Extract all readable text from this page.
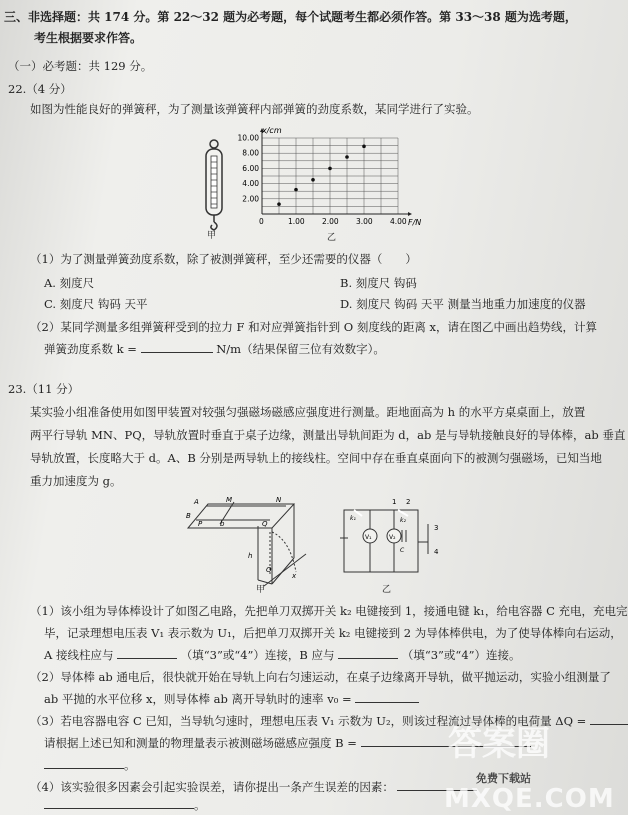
三、非选择题：共 174 分。第 22～32 题为必考题，每个试题考生都必须作答。第 33～38 题为选考题，
考生根据要求作答。
（一）必考题：共 129 分。
22.（4 分）
如图为性能良好的弹簧秤，为了测量该弹簧秤内部弹簧的劲度系数，某同学进行了实验。
甲
0	1.00 2.00 3.00 4.00
2.00
4.00
6.00
8.00
10.00
x/cm
F/N
乙
（1）为了测量弹簧劲度系数，除了被测弹簧秤，至少还需要的仪器（　　）
A. 刻度尺	B. 刻度尺 钩码
C. 刻度尺 钩码 天平	D. 刻度尺 钩码 天平 测量当地重力加速度的仪器
（2）某同学测量多组弹簧秤受到的拉力 F 和对应弹簧指针到 O 刻度线的距离 x，请在图乙中画出趋势线，计算
弹簧劲度系数 k =	N/m（结果保留三位有效数字）。
23.（11 分）
某实验小组准备使用如图甲装置对较强匀强磁场磁感应强度进行测量。距地面高为 h 的水平方桌桌面上，放置
两平行导轨 MN、PQ，导轨放置时垂直于桌子边缘，测量出导轨间距为 d，ab 是与导轨接触良好的导体棒，ab 垂直
导轨放置，长度略大于 d。A、B 分别是两导轨上的接线柱。空间中存在垂直桌面向下的被测匀强磁场，已知当地
重力加速度为 g。
A	M	N
B
P	b	Q
h
O
x
甲
k₁	k₂
V₁	V₂
C
1 2
3
4
乙
（1）该小组为导体棒设计了如图乙电路，先把单刀双掷开关 k₂ 电键接到 1，接通电键 k₁，给电容器 C 充电，充电完
毕，记录理想电压表 V₁ 表示数为 U₁，后把单刀双掷开关 k₂ 电键接到 2 为导体棒供电，为了使导体棒向右运动，
A 接线柱应与	（填“3”或“4”）连接，B 应与	（填“3”或“4”）连接。
（2）导体棒 ab 通电后，很快就开始在导轨上向右匀速运动，在桌子边缘离开导轨，做平抛运动，实验小组测量了
ab 平抛的水平位移 x，则导体棒 ab 离开导轨时的速率 v₀ =
（3）若电容器电容 C 已知，当导轨匀速时，理想电压表 V₁ 示数为 U₂，则该过程流过导体棒的电荷量 ΔQ =
请根据上述已知和测量的物理量表示被测磁场磁感应强度 B =
。
（4）该实验很多因素会引起实验误差，请你提出一条产生误差的因素：
。
答案圈
免费下载站
MXQE.COM
